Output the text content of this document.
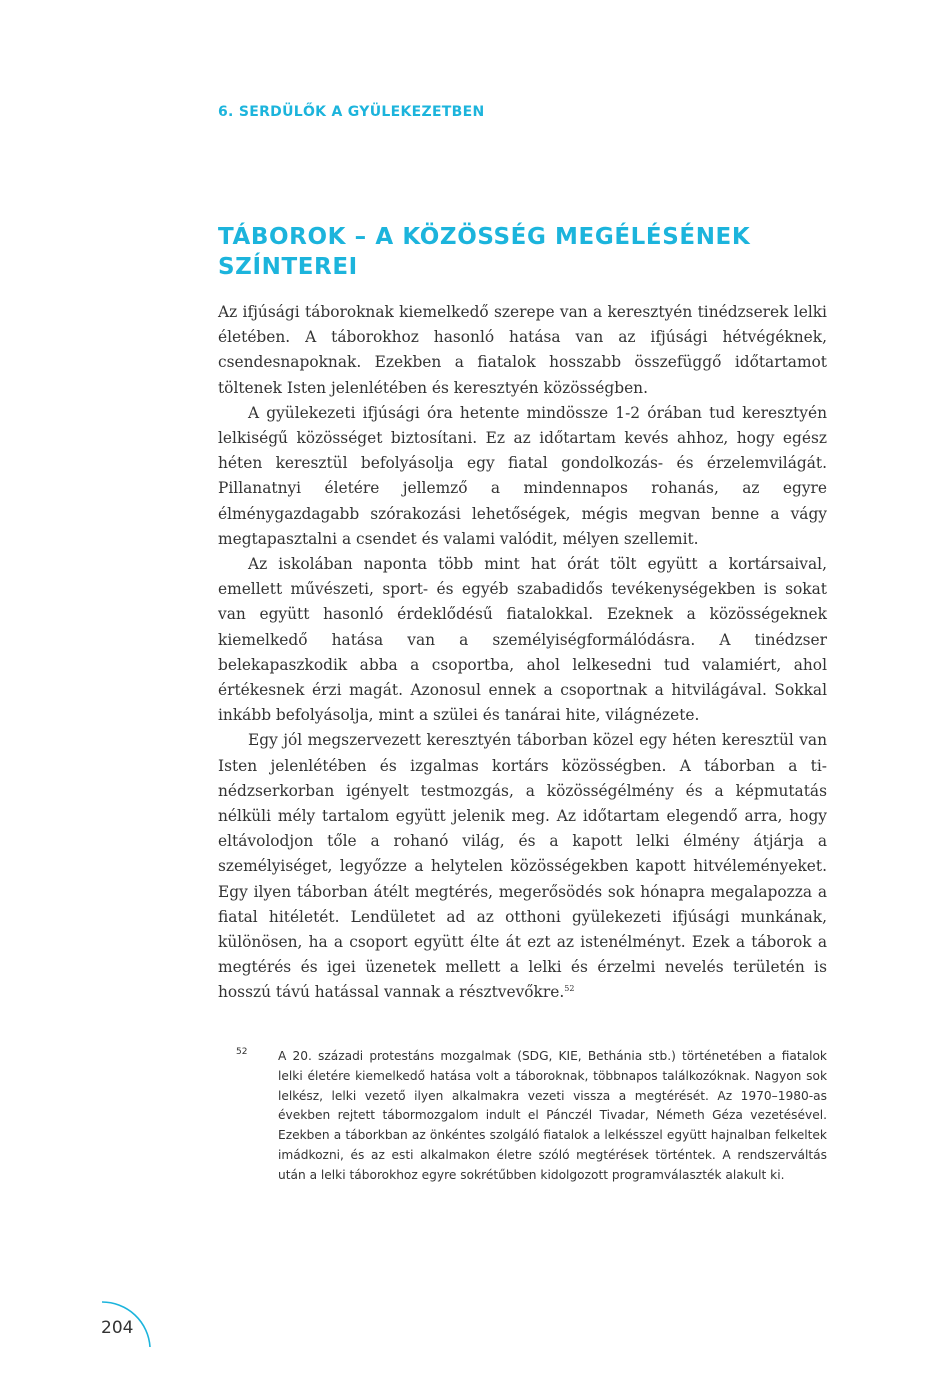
6. SERDÜLŐK A GYÜLEKEZETBEN
TÁBOROK – A KÖZÖSSÉG MEGÉLÉSÉNEK SZÍNTEREI

Az ifjúsági táboroknak kiemelkedő szerepe van a keresztyén tinédzserek lelki életében. A táborokhoz hasonló hatása van az ifjúsági hétvégéknek, csendesnapoknak. Ezekben a fiatalok hosszabb összefüggő időtartamot töltenek Isten jelenlétében és keresztyén közösségben.

A gyülekezeti ifjúsági óra hetente mindössze 1-2 órában tud keresztyén lelkiségű közösséget biztosítani. Ez az időtartam kevés ahhoz, hogy egész héten keresztül befolyásolja egy fiatal gondolkozás- és érzelemvilágát. Pillanatnyi életére jellemző a mindennapos rohanás, az egyre élménygazdagabb szórakozási lehetőségek, mégis megvan benne a vágy megtapasztalni a csendet és valami valódit, mélyen szellemit.

Az iskolában naponta több mint hat órát tölt együtt a kortársaival, emellett művészeti, sport- és egyéb szabadidős tevékenységekben is sokat van együtt hasonló érdeklődésű fiatalokkal. Ezeknek a közösségeknek kiemelkedő hatása van a személyiségformálódásra. A tinédzser belekapaszkodik abba a csoportba, ahol lelkesedni tud valamiért, ahol értékesnek érzi magát. Azonosul ennek a csoportnak a hitvilágával. Sokkal inkább befolyásolja, mint a szülei és tanárai hite, világnézete.

Egy jól megszervezett keresztyén táborban közel egy héten keresztül van Isten jelenlétében és izgalmas kortárs közösségben. A táborban a tinédzserkorban igényelt testmozgás, a közösségélmény és a képmutatás nélküli mély tartalom együtt jelenik meg. Az időtartam elegendő arra, hogy eltávolodjon tőle a rohanó világ, és a kapott lelki élmény átjárja a személyiséget, legyőzze a helytelen közösségekben kapott hitvéleményeket. Egy ilyen táborban átélt megtérés, megerősödés sok hónapra megalapozza a fiatal hitéletét. Lendületet ad az otthoni gyülekezeti ifjúsági munkának, különösen, ha a csoport együtt élte át ezt az istenélményt. Ezek a táborok a megtérés és igei üzenetek mellett a lelki és érzelmi nevelés területén is hosszú távú hatással vannak a résztvevőkre.$^{52}$

52	A 20. századi protestáns mozgalmak (SDG, KIE, Bethánia stb.) történetében a fiatalok lelki életére kiemelkedő hatása volt a táboroknak, többnapos találkozóknak. Nagyon sok lelkész, lelki vezető ilyen alkalmakra vezeti vissza a megtérését. Az 1970–1980-as években rejtett tábormozgalom indult el Pánczél Tivadar, Németh Géza vezetésével. Ezekben a táborkban az önkéntes szolgáló fiatalok a lelkésszel együtt hajnalban felkeltek imádkozni, és az esti alkalmakon életre szóló megtérések történtek. A rendszerváltás után a lelki táborokhoz egyre sokrétűbben kidolgozott programválaszték alakult ki.
204
